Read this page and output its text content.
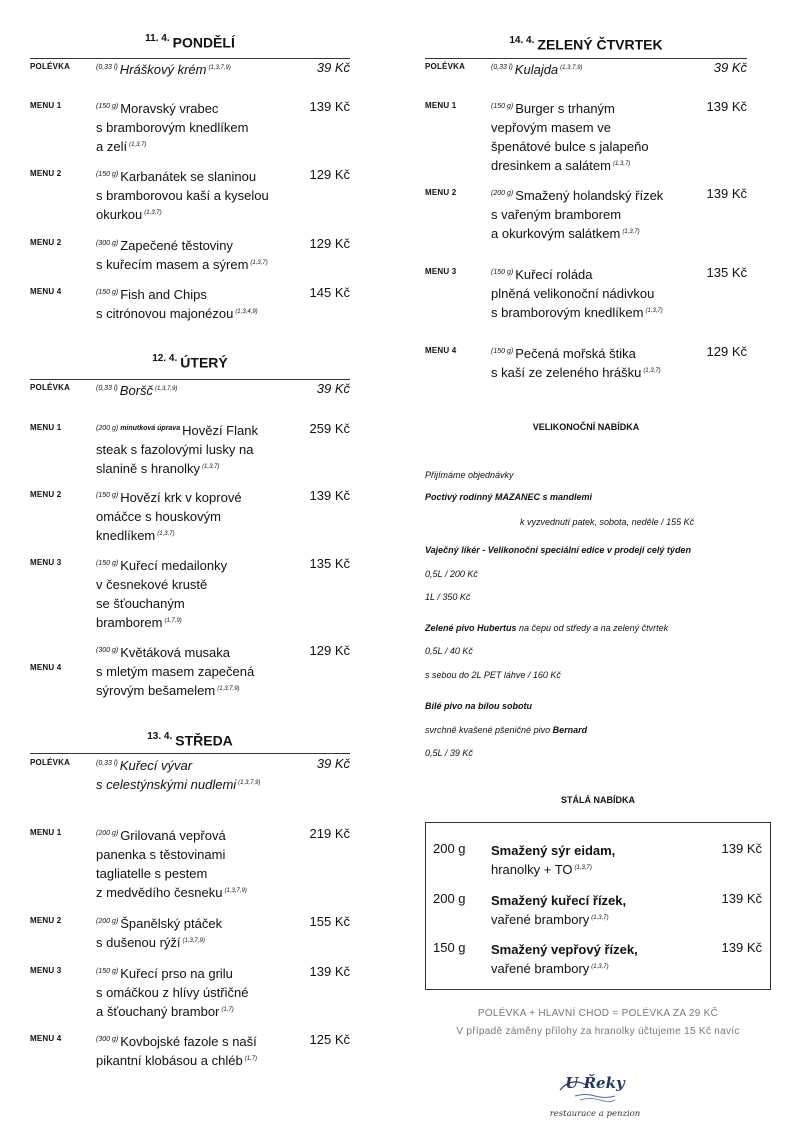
$^{11. 4.}$ PONDĚLÍ
POLÉVKA	$^{(0,33 l)}$ Hráškový krém $^{(1,3,7,9)}$	39 Kč
MENU 1	$^{(150 g)}$ Moravský vrabec
s bramborovým knedlíkem
a zelí $^{(1,3,7)}$
139 Kč
MENU 2	$^{(150 g)}$ Karbanátek se slaninou
s bramborovou kaší a kyselou
okurkou $^{(1,3,7)}$
129 Kč
MENU 2	$^{(300 g)}$ Zapečené těstoviny
s kuřecím masem a sýrem $^{(1,3,7)}$
129 Kč
MENU 4	$^{(150 g)}$ Fish and Chips
s citrónovou majonézou $^{(1,3,4,9)}$
145 Kč
$^{12. 4.}$ ÚTERÝ
POLÉVKA	$^{(0,33 l)}$ Boršč $^{(1,3,7,9)}$	39 Kč
MENU 1	$^{(200 g)}$ $^{minutková úprava}$ Hovězí Flank
steak s fazolovými lusky na
slanině s hranolky $^{(1,3,7)}$
259 Kč
MENU 2	$^{(150 g)}$ Hovězí krk v koprové
omáčce s houskovým
knedlíkem $^{(1,3,7)}$
139 Kč
MENU 3	$^{(150 g)}$ Kuřecí medailonky
v česnekové krustě
se šťouchaným
bramborem $^{(1,7,9)}$
135 Kč
MENU 4
$^{(300 g)}$ Květáková musaka
s mletým masem zapečená
sýrovým bešamelem $^{(1,3,7,9)}$
129 Kč
$^{13. 4.}$ STŘEDA
POLÉVKA	$^{(0,33 l)}$ Kuřecí vývar
s celestýnskými nudlemi $^{(1,3,7,9)}$
39 Kč
MENU 1	$^{(200 g)}$ Grilovaná vepřová
panenka s těstovinami
tagliatelle s pestem
z medvědího česneku $^{(1,3,7,9)}$
219 Kč
MENU 2	$^{(200 g)}$ Španělský ptáček
s dušenou rýží $^{(1,3,7,9)}$
155 Kč
MENU 3	$^{(150 g)}$ Kuřecí prso na grilu
s omáčkou z hlívy ústřičné
a šťouchaný brambor $^{(1,7)}$
139 Kč
MENU 4	$^{(300 g)}$ Kovbojské fazole s naší
pikantní klobásou a chléb $^{(1,7)}$
125 Kč
$^{14. 4.}$ ZELENÝ ČTVRTEK
POLÉVKA	$^{(0,33 l)}$ Kulajda $^{(1,3,7,9)}$	39 Kč
MENU 1	$^{(150 g)}$ Burger s trhaným
vepřovým masem ve
špenátové bulce s jalapeňo
dresinkem a salátem $^{(1,3,7)}$
139 Kč
MENU 2	$^{(200 g)}$ Smažený holandský řízek
s vařeným bramborem
a okurkovým salátkem $^{(1,3,7)}$
139 Kč
MENU 3	$^{(150 g)}$ Kuřecí roláda
plněná velikonoční nádivkou
s bramborovým knedlíkem $^{(1,3,7)}$
135 Kč
MENU 4	$^{(150 g)}$ Pečená mořská štika
s kaší ze zeleného hrášku $^{(1,3,7)}$
129 Kč
VELIKONOČNÍ NABÍDKA
Přijímáme objednávky
Poctivý rodinný MAZANEC s mandlemi
k vyzvednutí patek, sobota, neděle / 155 Kč
Vaječný likér - Velikonoční speciální edice v prodeji celý týden
0,5L / 200 Kč
1L / 350 Kč
Zelené pivo Hubertus na čepu od středy a na zelený čtvrtek
0,5L / 40 Kč
s sebou do 2L PET láhve / 160 Kč
Bílé pivo na bílou sobotu
svrchně kvašené pšeničné pivo Bernard
0,5L / 39 Kč
STÁLÁ NABÍDKA
200 g Smažený sýr eidam,
hranolky + TO $^{(1,3,7)}$
139 Kč
200 g Smažený kuřecí řízek,
vařené brambory $^{(1,3,7)}$
139 Kč
150 g Smažený vepřový řízek,
vařené brambory $^{(1,3,7)}$
139 Kč
POLÉVKA + HLAVNÍ CHOD = POLÉVKA ZA 29 KČ
V případě záměny přílohy za hranolky účtujeme 15 Kč navíc
U Řeky
restaurace a penzion
